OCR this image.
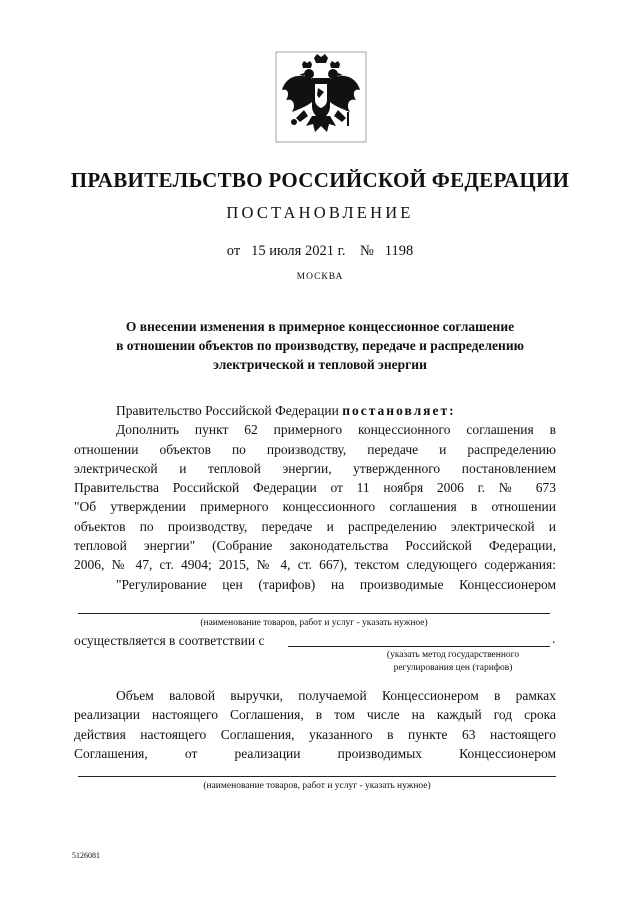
ПРАВИТЕЛЬСТВО РОССИЙСКОЙ ФЕДЕРАЦИИ
ПОСТАНОВЛЕНИЕ
от 15 июля 2021 г. № 1198
МОСКВА
О внесении изменения в примерное концессионное соглашение
в отношении объектов по производству, передаче и распределению
электрической и тепловой энергии
Правительство Российской Федерации постановляет:
Дополнить пункт 62 примерного концессионного соглашения в
отношении объектов по производству, передаче и распределению
электрической и тепловой энергии, утвержденного постановлением
Правительства Российской Федерации от 11 ноября 2006 г. № 673
"Об утверждении примерного концессионного соглашения в отношении
объектов по производству, передаче и распределению электрической и
тепловой энергии" (Собрание законодательства Российской Федерации,
2006, № 47, ст. 4904; 2015, № 4, ст. 667), текстом следующего содержания:
"Регулирование цен (тарифов) на производимые Концессионером
(наименование товаров, работ и услуг - указать нужное)
осуществляется в соответствии с	.
(указать метод государственного
регулирования цен (тарифов)
Объем валовой выручки, получаемой Концессионером в рамках
реализации настоящего Соглашения, в том числе на каждый год срока
действия настоящего Соглашения, указанного в пункте 63 настоящего
Соглашения, от реализации производимых Концессионером
(наименование товаров, работ и услуг - указать нужное)
5126081
